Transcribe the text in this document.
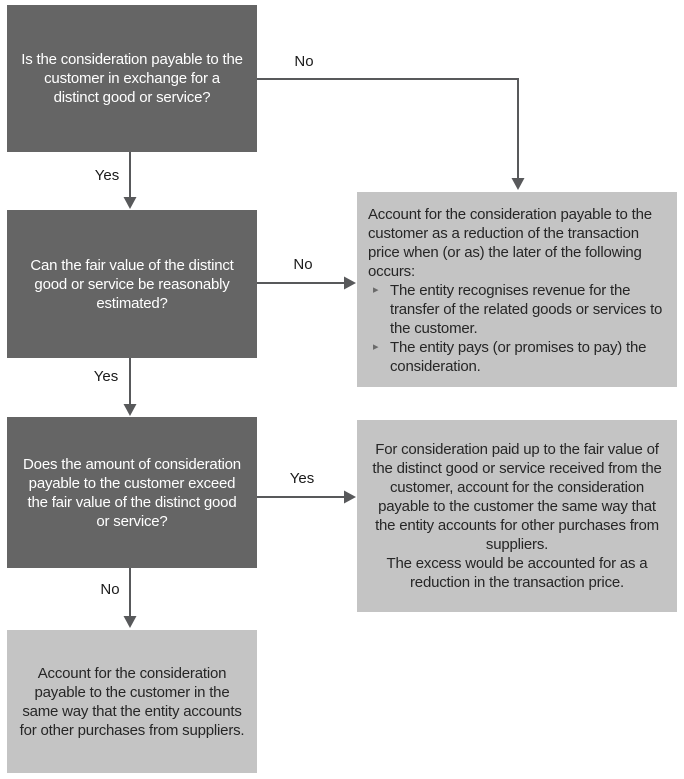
Is the consideration payable to the customer in exchange for a distinct good or service?

Can the fair value of the distinct good or service be reasonably estimated?

Does the amount of consideration payable to the customer exceed the fair value of the distinct good or service?

Account for the consideration payable to the customer as a reduction of the transaction price when (or as) the later of the following occurs:

▸ The entity recognises revenue for the transfer of the related goods or services to the customer.
▸ The entity pays (or promises to pay) the consideration.

For consideration paid up to the fair value of the distinct good or service received from the customer, account for the consideration payable to the customer the same way that the entity accounts for other purchases from suppliers.

The excess would be accounted for as a reduction in the transaction price.

Account for the consideration payable to the customer in the same way that the entity accounts for other purchases from suppliers.

No
Yes
No
Yes
Yes
No
